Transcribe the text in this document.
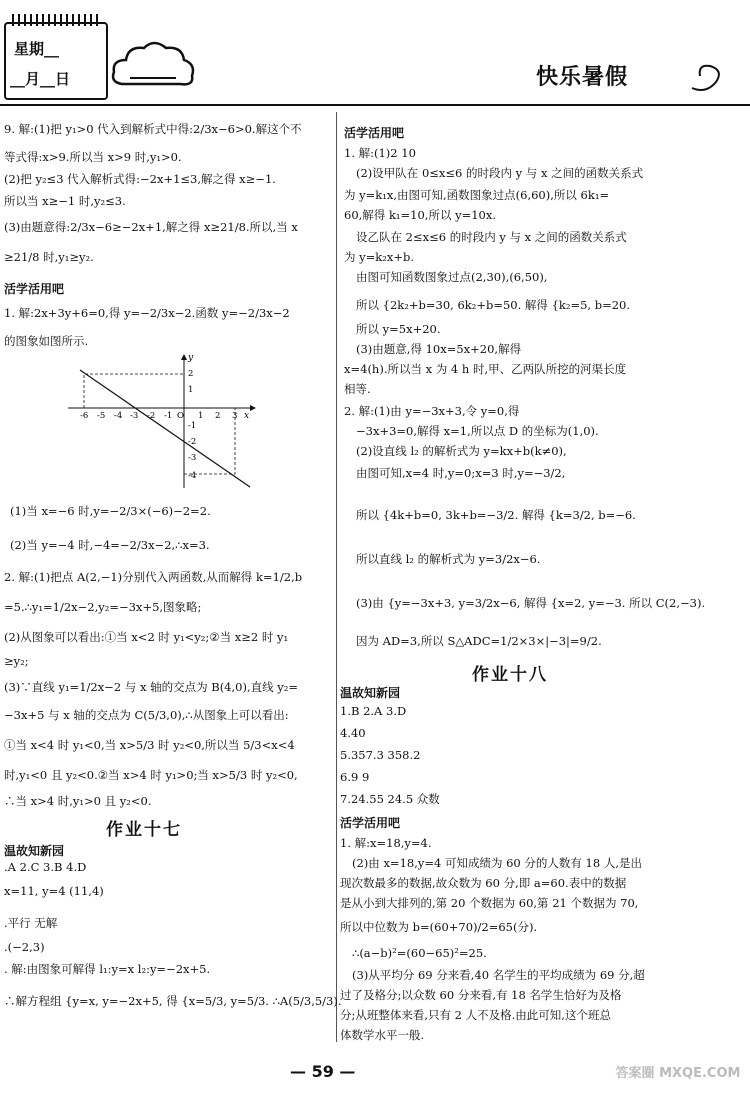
星期__
__月__日	快乐暑假
9. 解:(1)把 y₁>0 代入到解析式中得:2/3x−6>0.解这个不
等式得:x>9.所以当 x>9 时,y₁>0.
(2)把 y₂≤3 代入解析式得:−2x+1≤3,解之得 x≥−1.
所以当 x≥−1 时,y₂≤3.
(3)由题意得:2/3x−6≥−2x+1,解之得 x≥21/8.所以,当 x
≥21/8 时,y₁≥y₂.
活学活用吧
1. 解:2x+3y+6=0,得 y=−2/3x−2.函数 y=−2/3x−2
的图象如图所示.
x
y
-6 -5 -4 -3 -2 -1 O 1 2 3
2
1
-1
-2
-3
-4
(1)当 x=−6 时,y=−2/3×(−6)−2=2.
(2)当 y=−4 时,−4=−2/3x−2,∴x=3.
2. 解:(1)把点 A(2,−1)分别代入两函数,从而解得 k=1/2,b
=5.∴y₁=1/2x−2,y₂=−3x+5,图象略;
(2)从图象可以看出:①当 x<2 时 y₁<y₂;②当 x≥2 时 y₁
≥y₂;
(3)∵直线 y₁=1/2x−2 与 x 轴的交点为 B(4,0),直线 y₂=
−3x+5 与 x 轴的交点为 C(5/3,0),∴从图象上可以看出:
①当 x<4 时 y₁<0,当 x>5/3 时 y₂<0,所以当 5/3<x<4
时,y₁<0 且 y₂<0.②当 x>4 时 y₁>0;当 x>5/3 时 y₂<0,
∴当 x>4 时,y₁>0 且 y₂<0.
作业十七
温故知新园
.A 2.C 3.B 4.D
x=11, y=4 (11,4)
.平行 无解
.(−2,3)
. 解:由图象可解得 l₁:y=x l₂:y=−2x+5.
∴解方程组 {y=x, y=−2x+5, 得 {x=5/3, y=5/3. ∴A(5/3,5/3).
活学活用吧
1. 解:(1)2 10
(2)设甲队在 0≤x≤6 的时段内 y 与 x 之间的函数关系式
为 y=k₁x,由图可知,函数图象过点(6,60),所以 6k₁=
60,解得 k₁=10,所以 y=10x.
设乙队在 2≤x≤6 的时段内 y 与 x 之间的函数关系式
为 y=k₂x+b.
由图可知函数图象过点(2,30),(6,50),
所以 {2k₂+b=30, 6k₂+b=50. 解得 {k₂=5, b=20.
所以 y=5x+20.
(3)由题意,得 10x=5x+20,解得
x=4(h).所以当 x 为 4 h 时,甲、乙两队所挖的河渠长度
相等.
2. 解:(1)由 y=−3x+3,令 y=0,得
−3x+3=0,解得 x=1,所以点 D 的坐标为(1,0).
(2)设直线 l₂ 的解析式为 y=kx+b(k≠0),
由图可知,x=4 时,y=0;x=3 时,y=−3/2,
所以 {4k+b=0, 3k+b=−3/2. 解得 {k=3/2, b=−6.
所以直线 l₂ 的解析式为 y=3/2x−6.
(3)由 {y=−3x+3, y=3/2x−6, 解得 {x=2, y=−3. 所以 C(2,−3).
因为 AD=3,所以 S△ADC=1/2×3×|−3|=9/2.
作业十八
温故知新园
1.B 2.A 3.D
4.40
5.357.3 358.2
6.9 9
7.24.55 24.5 众数
活学活用吧
1. 解:x=18,y=4.
(2)由 x=18,y=4 可知成绩为 60 分的人数有 18 人,是出
现次数最多的数据,故众数为 60 分,即 a=60.表中的数据
是从小到大排列的,第 20 个数据为 60,第 21 个数据为 70,
所以中位数为 b=(60+70)/2=65(分).
∴(a−b)²=(60−65)²=25.
(3)从平均分 69 分来看,40 名学生的平均成绩为 69 分,超
过了及格分;以众数 60 分来看,有 18 名学生恰好为及格
分;从班整体来看,只有 2 人不及格.由此可知,这个班总
体数学水平一般.
— 59 —	答案圈 MXQE.COM
